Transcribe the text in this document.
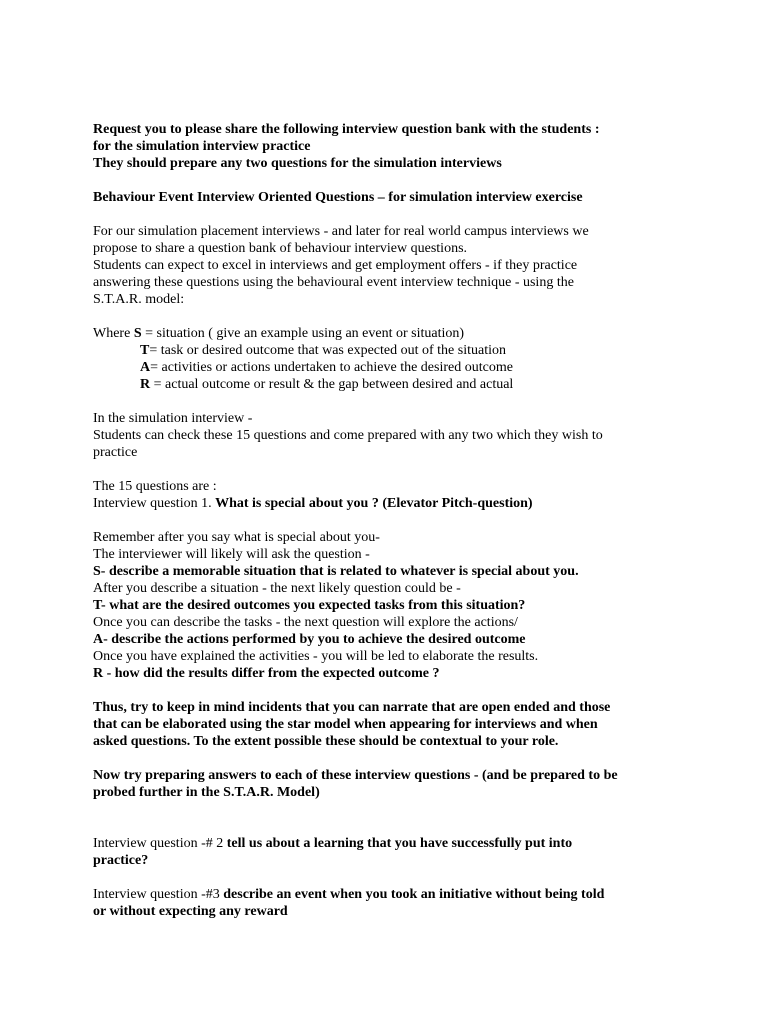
Request you to please share the following interview question bank with the students :

for the simulation interview practice

They should prepare any two questions for the simulation interviews

Behaviour Event Interview Oriented Questions – for simulation interview exercise

For our simulation placement interviews - and later for real world campus interviews we

propose to share a question bank of behaviour interview questions.

Students can expect to excel in interviews and get employment offers - if they practice

answering these questions using the behavioural event interview technique - using the

S.T.A.R. model:

Where S = situation ( give an example using an event or situation)

T= task or desired outcome that was expected out of the situation

A= activities or actions undertaken to achieve the desired outcome

R = actual outcome or result & the gap between desired and actual

In the simulation interview -

Students can check these 15 questions and come prepared with any two which they wish to

practice

The 15 questions are :

Interview question 1. What is special about you ? (Elevator Pitch-question)

Remember after you say what is special about you-

The interviewer will likely will ask the question -

S- describe a memorable situation that is related to whatever is special about you.

After you describe a situation - the next likely question could be -

T- what are the desired outcomes you expected tasks from this situation?

Once you can describe the tasks - the next question will explore the actions/

A- describe the actions performed by you to achieve the desired outcome

Once you have explained the activities - you will be led to elaborate the results.

R - how did the results differ from the expected outcome ?

Thus, try to keep in mind incidents that you can narrate that are open ended and those

that can be elaborated using the star model when appearing for interviews and when

asked questions. To the extent possible these should be contextual to your role.

Now try preparing answers to each of these interview questions - (and be prepared to be

probed further in the S.T.A.R. Model)

Interview question -# 2 tell us about a learning that you have successfully put into

practice?

Interview question -#3 describe an event when you took an initiative without being told

or without expecting any reward
